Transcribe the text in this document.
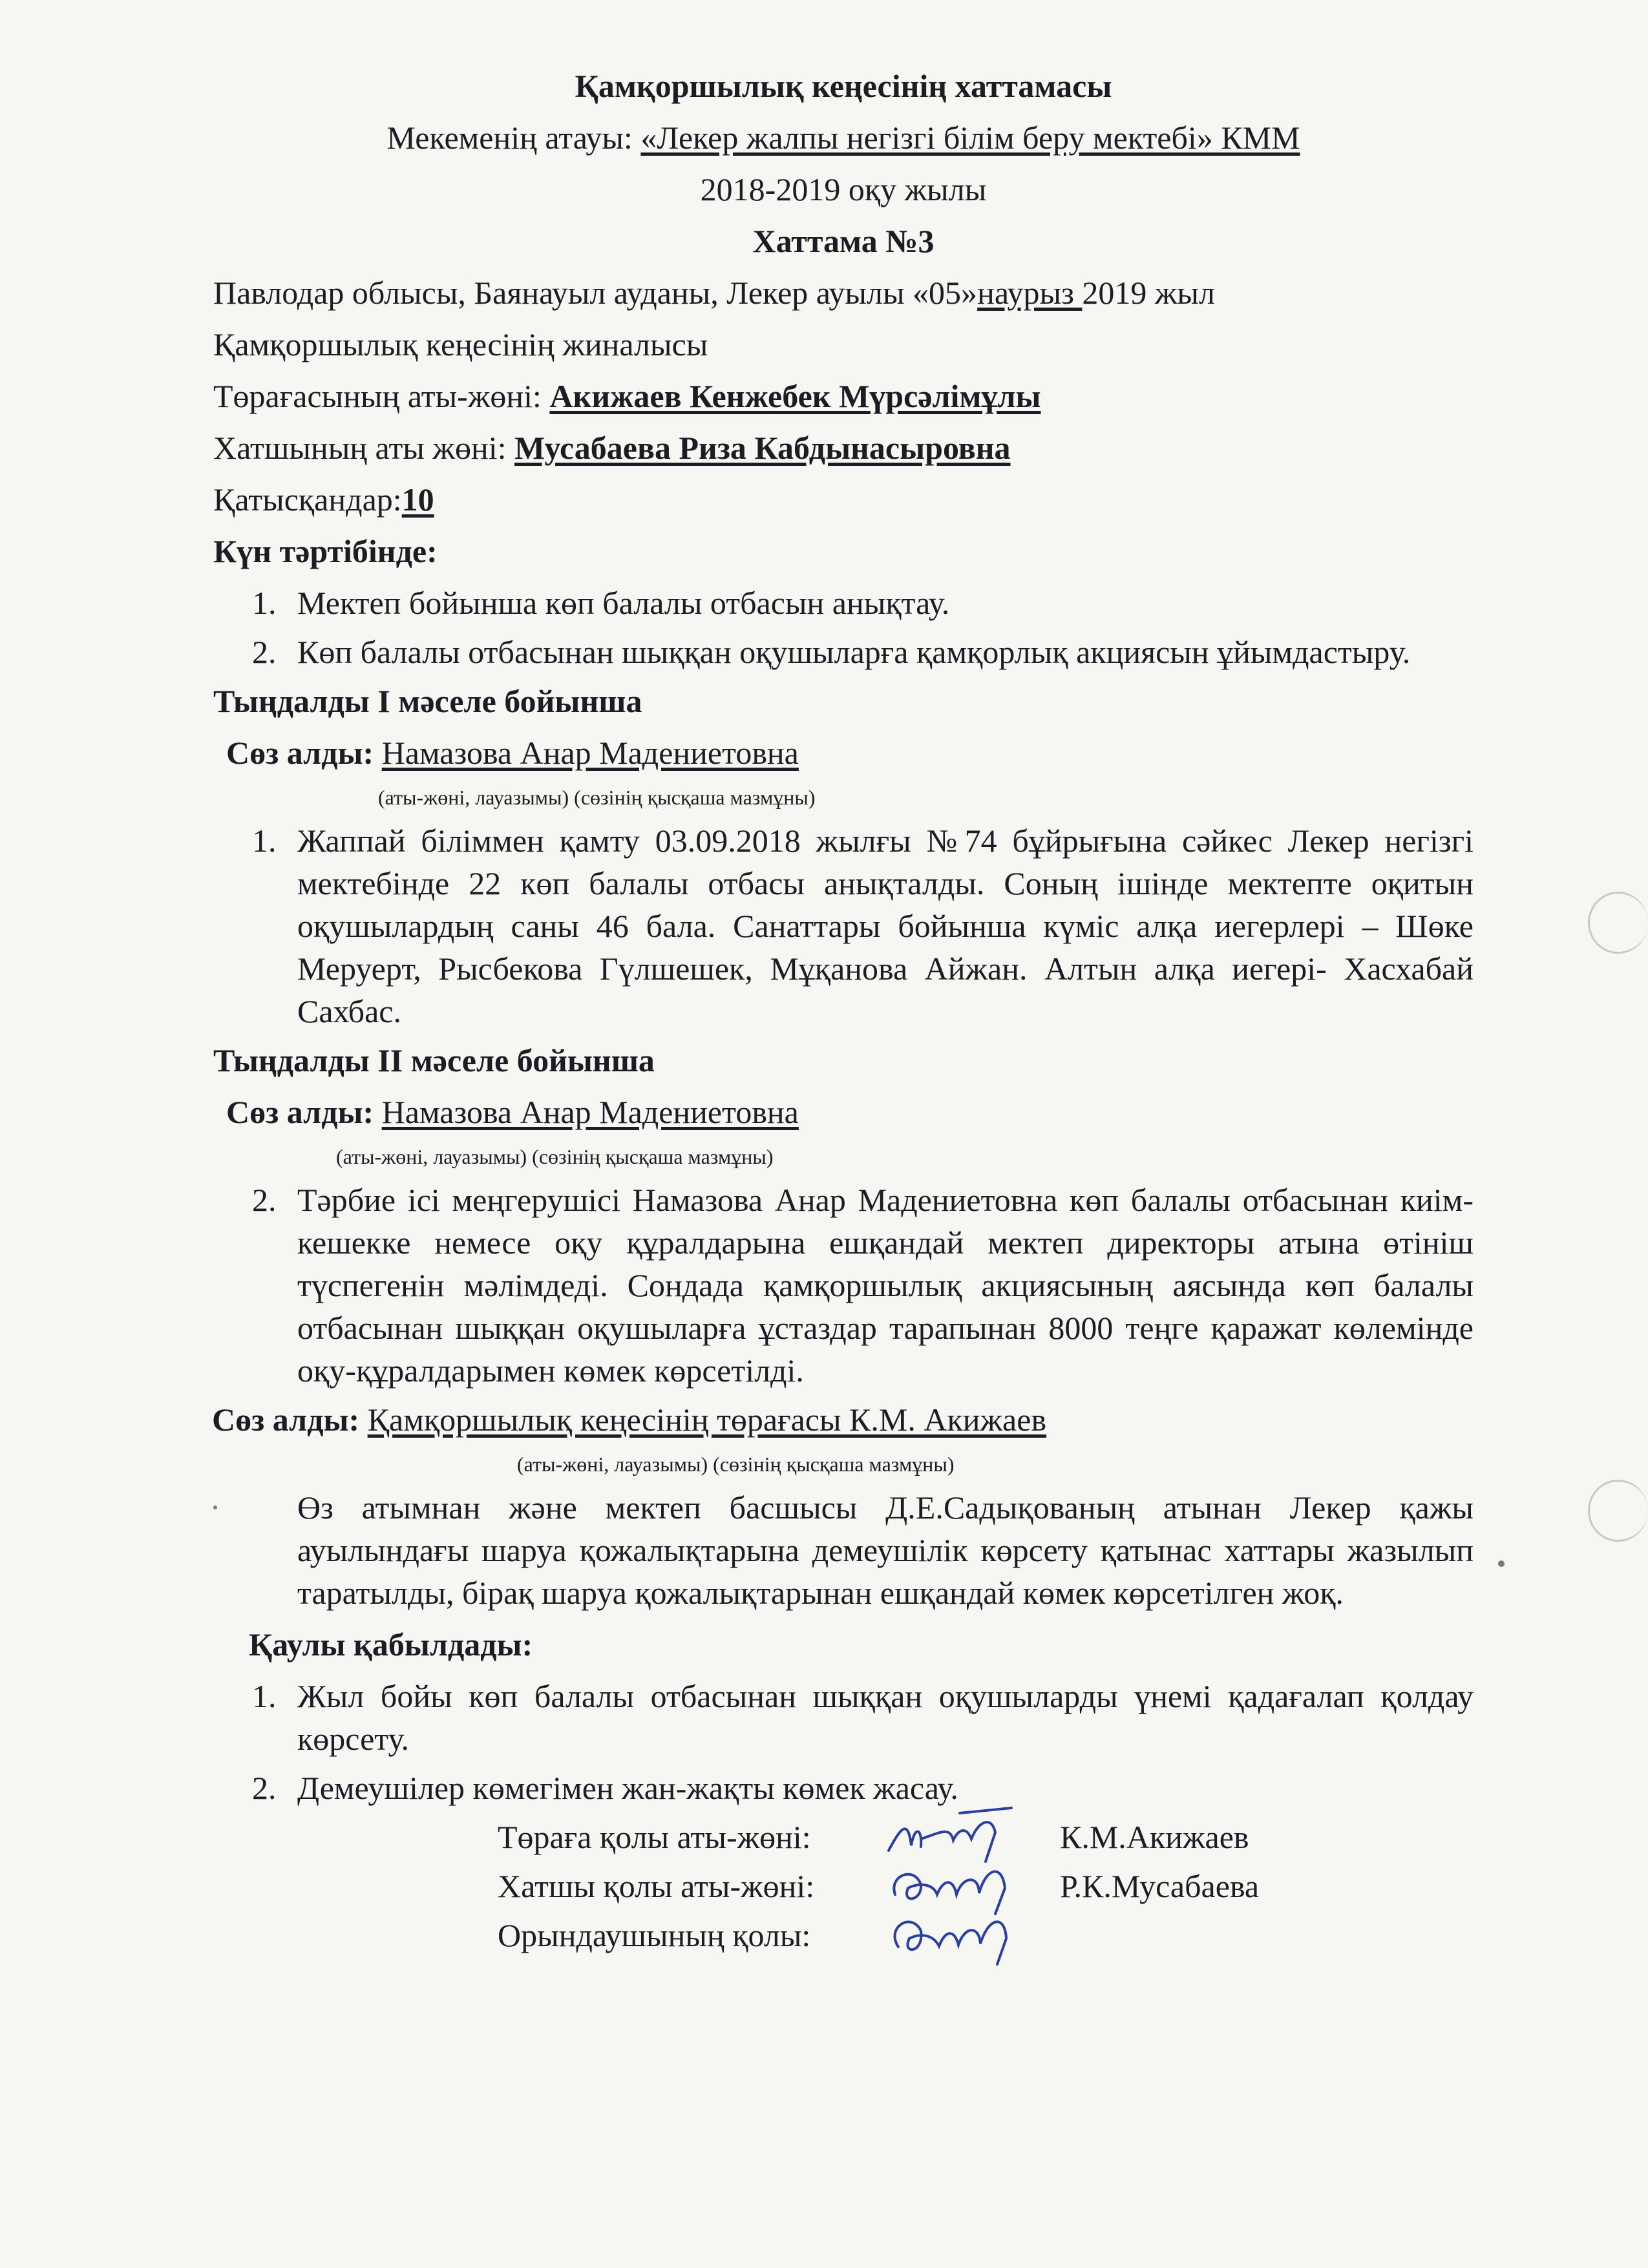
Қамқоршылық кеңесінің хаттамасы

Мекеменің атауы: «Лекер жалпы негізгі білім беру мектебі» КММ

2018-2019 оқу жылы

Хаттама №3

Павлодар облысы, Баянауыл ауданы, Лекер ауылы «05»наурыз 2019 жыл

Қамқоршылық кеңесінің жиналысы

Төрағасының аты-жөні: Акижаев Кенжебек Мүрсәлімұлы

Хатшының аты жөні: Мусабаева Риза Кабдынасыровна

Қатысқандар:10

Күн тәртібінде:

1. Мектеп бойынша көп балалы отбасын анықтау.
2. Көп балалы отбасынан шыққан оқушыларға қамқорлық акциясын ұйымдастыру.

Тыңдалды І мәселе бойынша

Сөз алды: Намазова Анар Мадениетовна

(аты-жөні, лауазымы) (сөзінің қысқаша мазмұны)

1. Жаппай біліммен қамту 03.09.2018 жылғы №74 бұйрығына сәйкес Лекер негізгі мектебінде 22 көп балалы отбасы анықталды. Соның ішінде мектепте оқитын оқушылардың саны 46 бала. Санаттары бойынша күміс алқа иегерлері – Шөке Меруерт, Рысбекова Гүлшешек, Мұқанова Айжан. Алтын алқа иегері- Хасхабай Сахбас.

Тыңдалды ІІ мәселе бойынша

Сөз алды: Намазова Анар Мадениетовна

(аты-жөні, лауазымы) (сөзінің қысқаша мазмұны)

2. Тәрбие ісі меңгерушісі Намазова Анар Мадениетовна көп балалы отбасынан киім-кешекке немесе оқу құралдарына ешқандай мектеп директоры атына өтініш түспегенін мәлімдеді. Сондада қамқоршылық акциясының аясында көп балалы отбасынан шыққан оқушыларға ұстаздар тарапынан 8000 теңге қаражат көлемінде оқу-құралдарымен көмек көрсетілді.

Сөз алды: Қамқоршылық кеңесінің төрағасы К.М. Акижаев

(аты-жөні, лауазымы) (сөзінің қысқаша мазмұны)

Өз атымнан және мектеп басшысы Д.Е.Садықованың атынан Лекер қажы ауылындағы шаруа қожалықтарына демеушілік көрсету қатынас хаттары жазылып таратылды, бірақ шаруа қожалықтарынан ешқандай көмек көрсетілген жоқ.

Қаулы қабылдады:

1. Жыл бойы көп балалы отбасынан шыққан оқушыларды үнемі қадағалап қолдау көрсету.
2. Демеушілер көмегімен жан-жақты көмек жасау.
Төраға қолы аты-жөні:	К.М.Акижаев
Хатшы қолы аты-жөні:	Р.К.Мусабаева
Орындаушының қолы:
